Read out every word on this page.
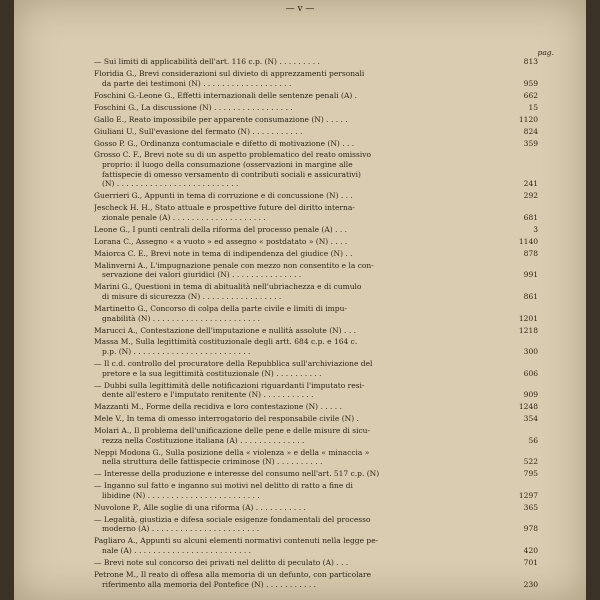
— v —
pag.
— Sui limiti di applicabilità dell'art. 116 c.p. (N) . . . . . . . . .	813
Floridia G., Brevi considerazioni sul divieto di apprezzamenti personali
da parte dei testimoni (N) . . . . . . . . . . . . . . . . . . .	959
Foschini G.-Leone G., Effetti internazionali delle sentenze penali (A) .	662
Foschini G., La discussione (N) . . . . . . . . . . . . . . . . .	15
Gallo E., Reato impossibile per apparente consumazione (N) . . . . .	1120
Giuliani U., Sull'evasione del fermato (N) . . . . . . . . . . .	824
Gosso P. G., Ordinanza contumaciale e difetto di motivazione (N) . . .	359
Grosso C. F., Brevi note su di un aspetto problematico del reato omissivo
proprio: il luogo della consumazione (osservazioni in margine alle
fattispecie di omesso versamento di contributi sociali e assicurativi)
(N) . . . . . . . . . . . . . . . . . . . . . . . . . .	241
Guerrieri G., Appunti in tema di corruzione e di concussione (N) . . .	292
Jescheck H. H., Stato attuale e prospettive future del diritto interna-
zionale penale (A) . . . . . . . . . . . . . . . . . . . .	681
Leone G., I punti centrali della riforma del processo penale (A) . . .	3
Lorana C., Assegno « a vuoto » ed assegno « postdatato » (N) . . . .	1140
Maiorca C. E., Brevi note in tema di indipendenza del giudice (N) . .	878
Malinverni A., L'impugnazione penale con mezzo non consentito e la con-
servazione dei valori giuridici (N) . . . . . . . . . . . . . . .	991
Marini G., Questioni in tema di abitualità nell'ubriachezza e di cumulo
di misure di sicurezza (N) . . . . . . . . . . . . . . . . .	861
Martinetto G., Concorso di colpa della parte civile e limiti di impu-
gnabilità (N) . . . . . . . . . . . . . . . . . . . . . . .	1201
Marucci A., Contestazione dell'imputazione e nullità assolute (N) . . .	1218
Massa M., Sulla legittimità costituzionale degli artt. 684 c.p. e 164 c.
p.p. (N) . . . . . . . . . . . . . . . . . . . . . . . . .	300
— Il c.d. controllo del procuratore della Repubblica sull'archiviazione del
pretore e la sua legittimità costituzionale (N) . . . . . . . . . .	606
— Dubbi sulla legittimità delle notificazioni riguardanti l'imputato resi-
dente all'estero e l'imputato renitente (N) . . . . . . . . . . .	909
Mazzanti M., Forme della recidiva e loro contestazione (N) . . . . .	1248
Mele V., In tema di omesso interrogatorio del responsabile civile (N) .	354
Molari A., Il problema dell'unificazione delle pene e delle misure di sicu-
rezza nella Costituzione italiana (A) . . . . . . . . . . . . . .	56
Neppi Modona G., Sulla posizione della « violenza » e della « minaccia »
nella struttura delle fattispecie criminose (N) . . . . . . . . . .	522
— Interesse della produzione e interesse del consumo nell'art. 517 c.p. (N)	795
— Inganno sul fatto e inganno sui motivi nel delitto di ratto a fine di
libidine (N) . . . . . . . . . . . . . . . . . . . . . . . .	1297
Nuvolone P., Alle soglie di una riforma (A) . . . . . . . . . . .	365
— Legalità, giustizia e difesa sociale esigenze fondamentali del processo
moderno (A) . . . . . . . . . . . . . . . . . . . . . . .	978
Pagliaro A., Appunti su alcuni elementi normativi contenuti nella legge pe-
nale (A) . . . . . . . . . . . . . . . . . . . . . . . . .	420
— Brevi note sul concorso dei privati nel delitto di peculato (A) . . .	701
Petrone M., Il reato di offesa alla memoria di un defunto, con particolare
riferimento alla memoria del Pontefice (N) . . . . . . . . . . .	230
